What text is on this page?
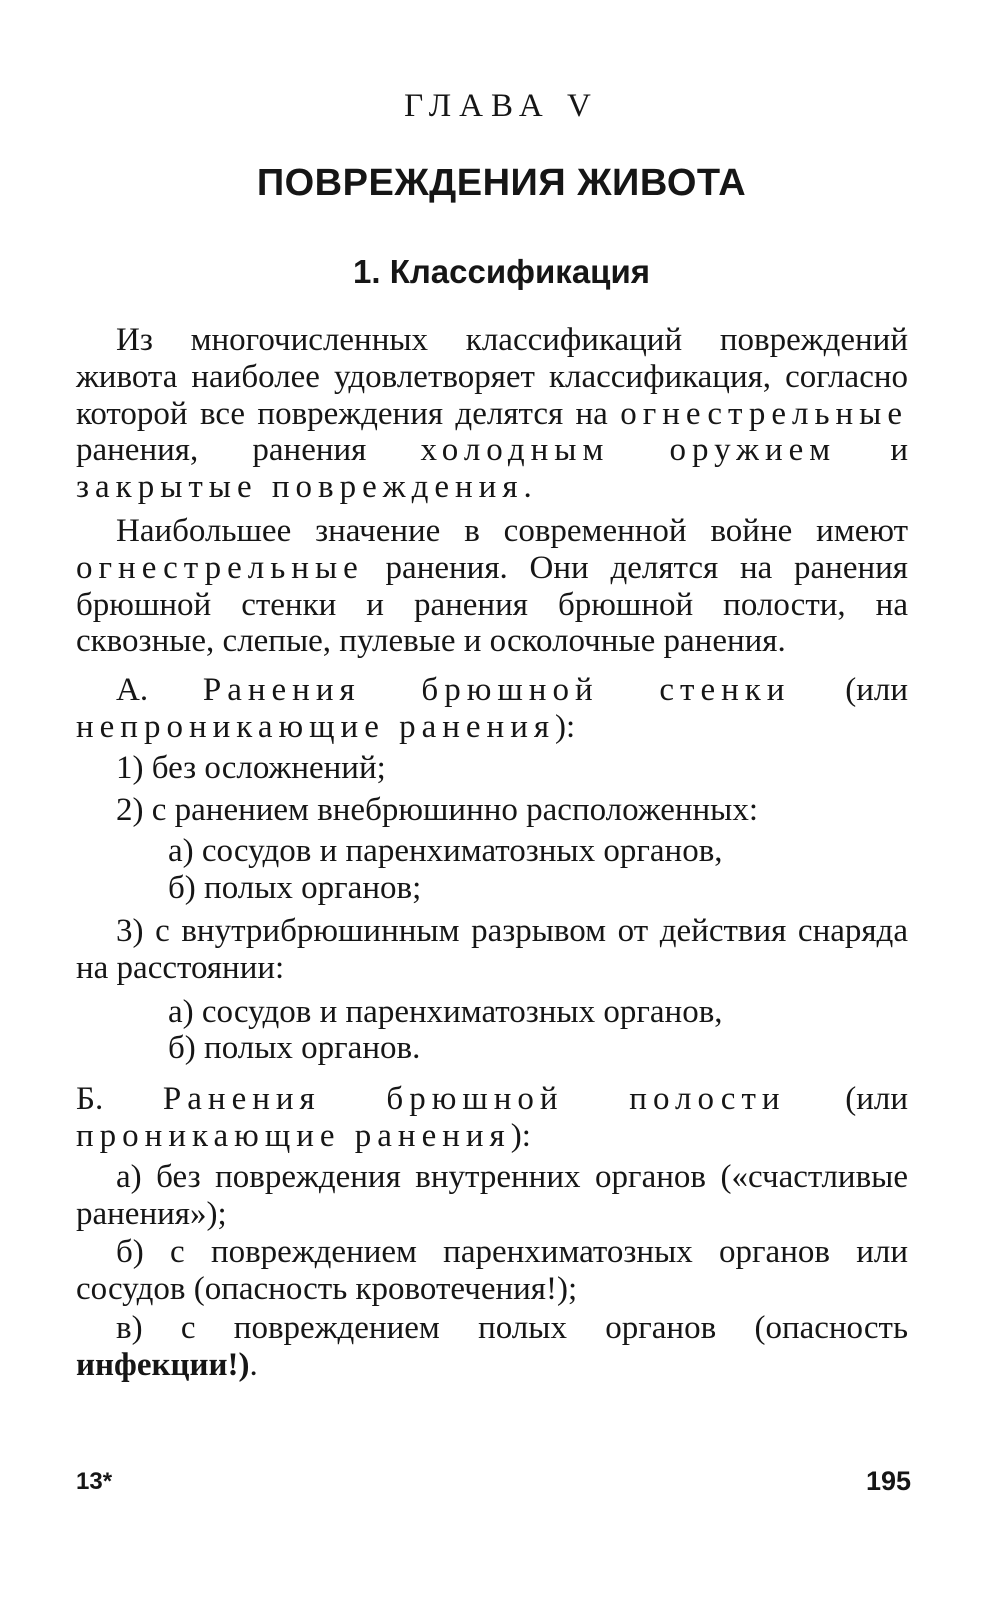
ГЛАВА V
ПОВРЕЖДЕНИЯ ЖИВОТА
1. Классификация

Из многочисленных классификаций повреждений живота наиболее удовлетворяет классификация, согласно которой все повреждения делятся на огнестрельные ранения, ранения холодным оружием и закрытые повреждения.

Наибольшее значение в современной войне имеют огнестрельные ранения. Они делятся на ранения брюшной стенки и ранения брюшной полости, на сквозные, слепые, пулевые и осколочные ранения.

А. Ранения брюшной стенки (или непроникающие ранения):

1) без осложнений;

2) с ранением внебрюшинно расположенных:

а) сосудов и паренхиматозных органов,

б) полых органов;

3) с внутрибрюшинным разрывом от действия снаряда на расстоянии:

а) сосудов и паренхиматозных органов,

б) полых органов.

Б. Ранения брюшной полости (или проникающие ранения):

а) без повреждения внутренних органов («счастливые ранения»);

б) с повреждением паренхиматозных органов или сосудов (опасность кровотечения!);

в) с повреждением полых органов (опасность инфекции!).

13*	195
